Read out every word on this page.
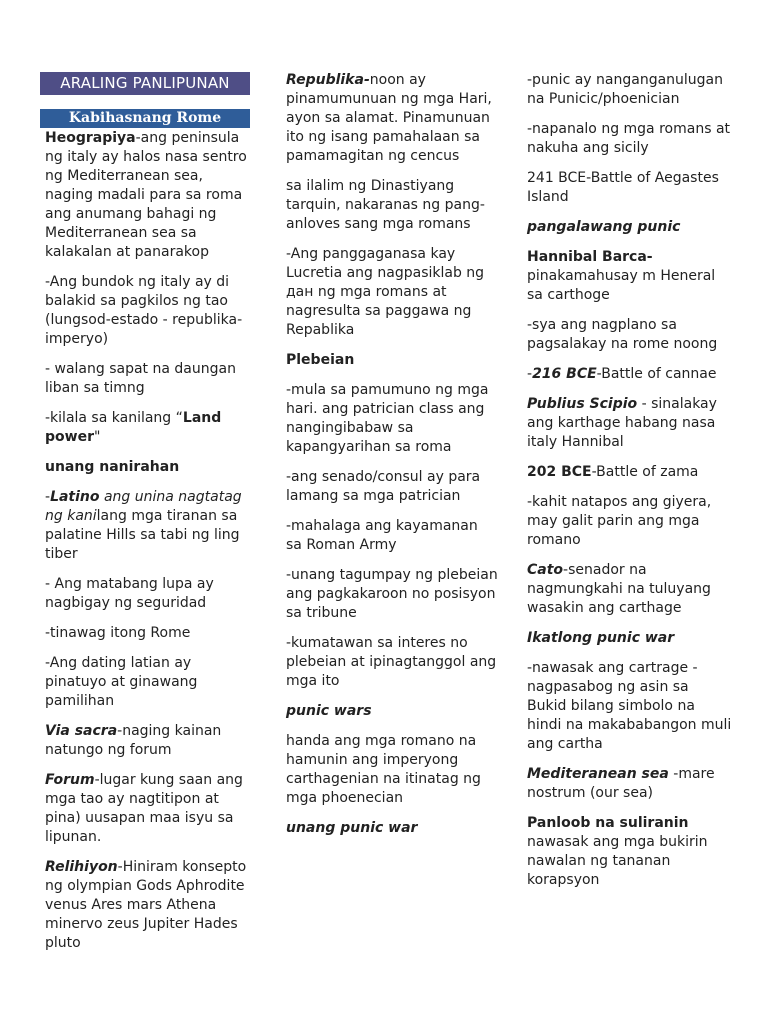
ARALING PANLIPUNAN
Kabihasnang Rome

Heograpiya-ang peninsula ng italy ay halos nasa sentro ng Mediterranean sea, naging madali para sa roma ang anumang bahagi ng Mediterranean sea sa kalakalan at panarakop

-Ang bundok ng italy ay di balakid sa pagkilos ng tao (lungsod-estado - republika-imperyo)

- walang sapat na daungan liban sa timng

-kilala sa kanilang “Land power"

unang nanirahan

-Latino ang unina nagtatag ng kanilang mga tiranan sa palatine Hills sa tabi ng ling tiber

- Ang matabang lupa ay nagbigay ng seguridad

-tinawag itong Rome

-Ang dating latian ay pinatuyo at ginawang pamilihan

Via sacra-naging kainan natungo ng forum

Forum-lugar kung saan ang mga tao ay nagtitipon at pina) uusapan maa isyu sa lipunan.

Relihiyon-Hiniram konsepto ng olympian Gods Aphrodite venus Ares mars Athena minervo zeus Jupiter Hades pluto

Republika-noon ay pinamumunuan ng mga Hari, ayon sa alamat. Pinamunuan ito ng isang pamahalaan sa pamamagitan ng cencus

sa ilalim ng Dinastiyang tarquin, nakaranas ng pang-anloves sang mga romans

-Ang panggaganasa kay Lucretia ang nagpasiklab ng дан ng mga romans at nagresulta sa paggawa ng Repablika

Plebeian

-mula sa pamumuno ng mga hari. ang patrician class ang nangingibabaw sa kapangyarihan sa roma

-ang senado/consul ay para lamang sa mga patrician

-mahalaga ang kayamanan sa Roman Army

-unang tagumpay ng plebeian ang pagkakaroon no posisyon sa tribune

-kumatawan sa interes no plebeian at ipinagtanggol ang mga ito

punic wars

handa ang mga romano na hamunin ang imperyong carthagenian na itinatag ng mga phoenecian

unang punic war

-punic ay nanganganulugan na Punicic/phoenician

-napanalo ng mga romans at nakuha ang sicily

241 BCE-Battle of Aegastes Island

pangalawang punic

Hannibal Barca- pinakamahusay m Heneral sa carthoge

-sya ang nagplano sa pagsalakay na rome noong

-216 BCE-Battle of cannae

Publius Scipio - sinalakay ang karthage habang nasa italy Hannibal

202 BCE-Battle of zama

-kahit natapos ang giyera, may galit parin ang mga romano

Cato-senador na nagmungkahi na tuluyang wasakin ang carthage

Ikatlong punic war

-nawasak ang cartrage - nagpasabog ng asin sa Bukid bilang simbolo na hindi na makababangon muli ang cartha

Mediteranean sea -mare nostrum (our sea)

Panloob na suliranin nawasak ang mga bukirin nawalan ng tananan korapsyon
